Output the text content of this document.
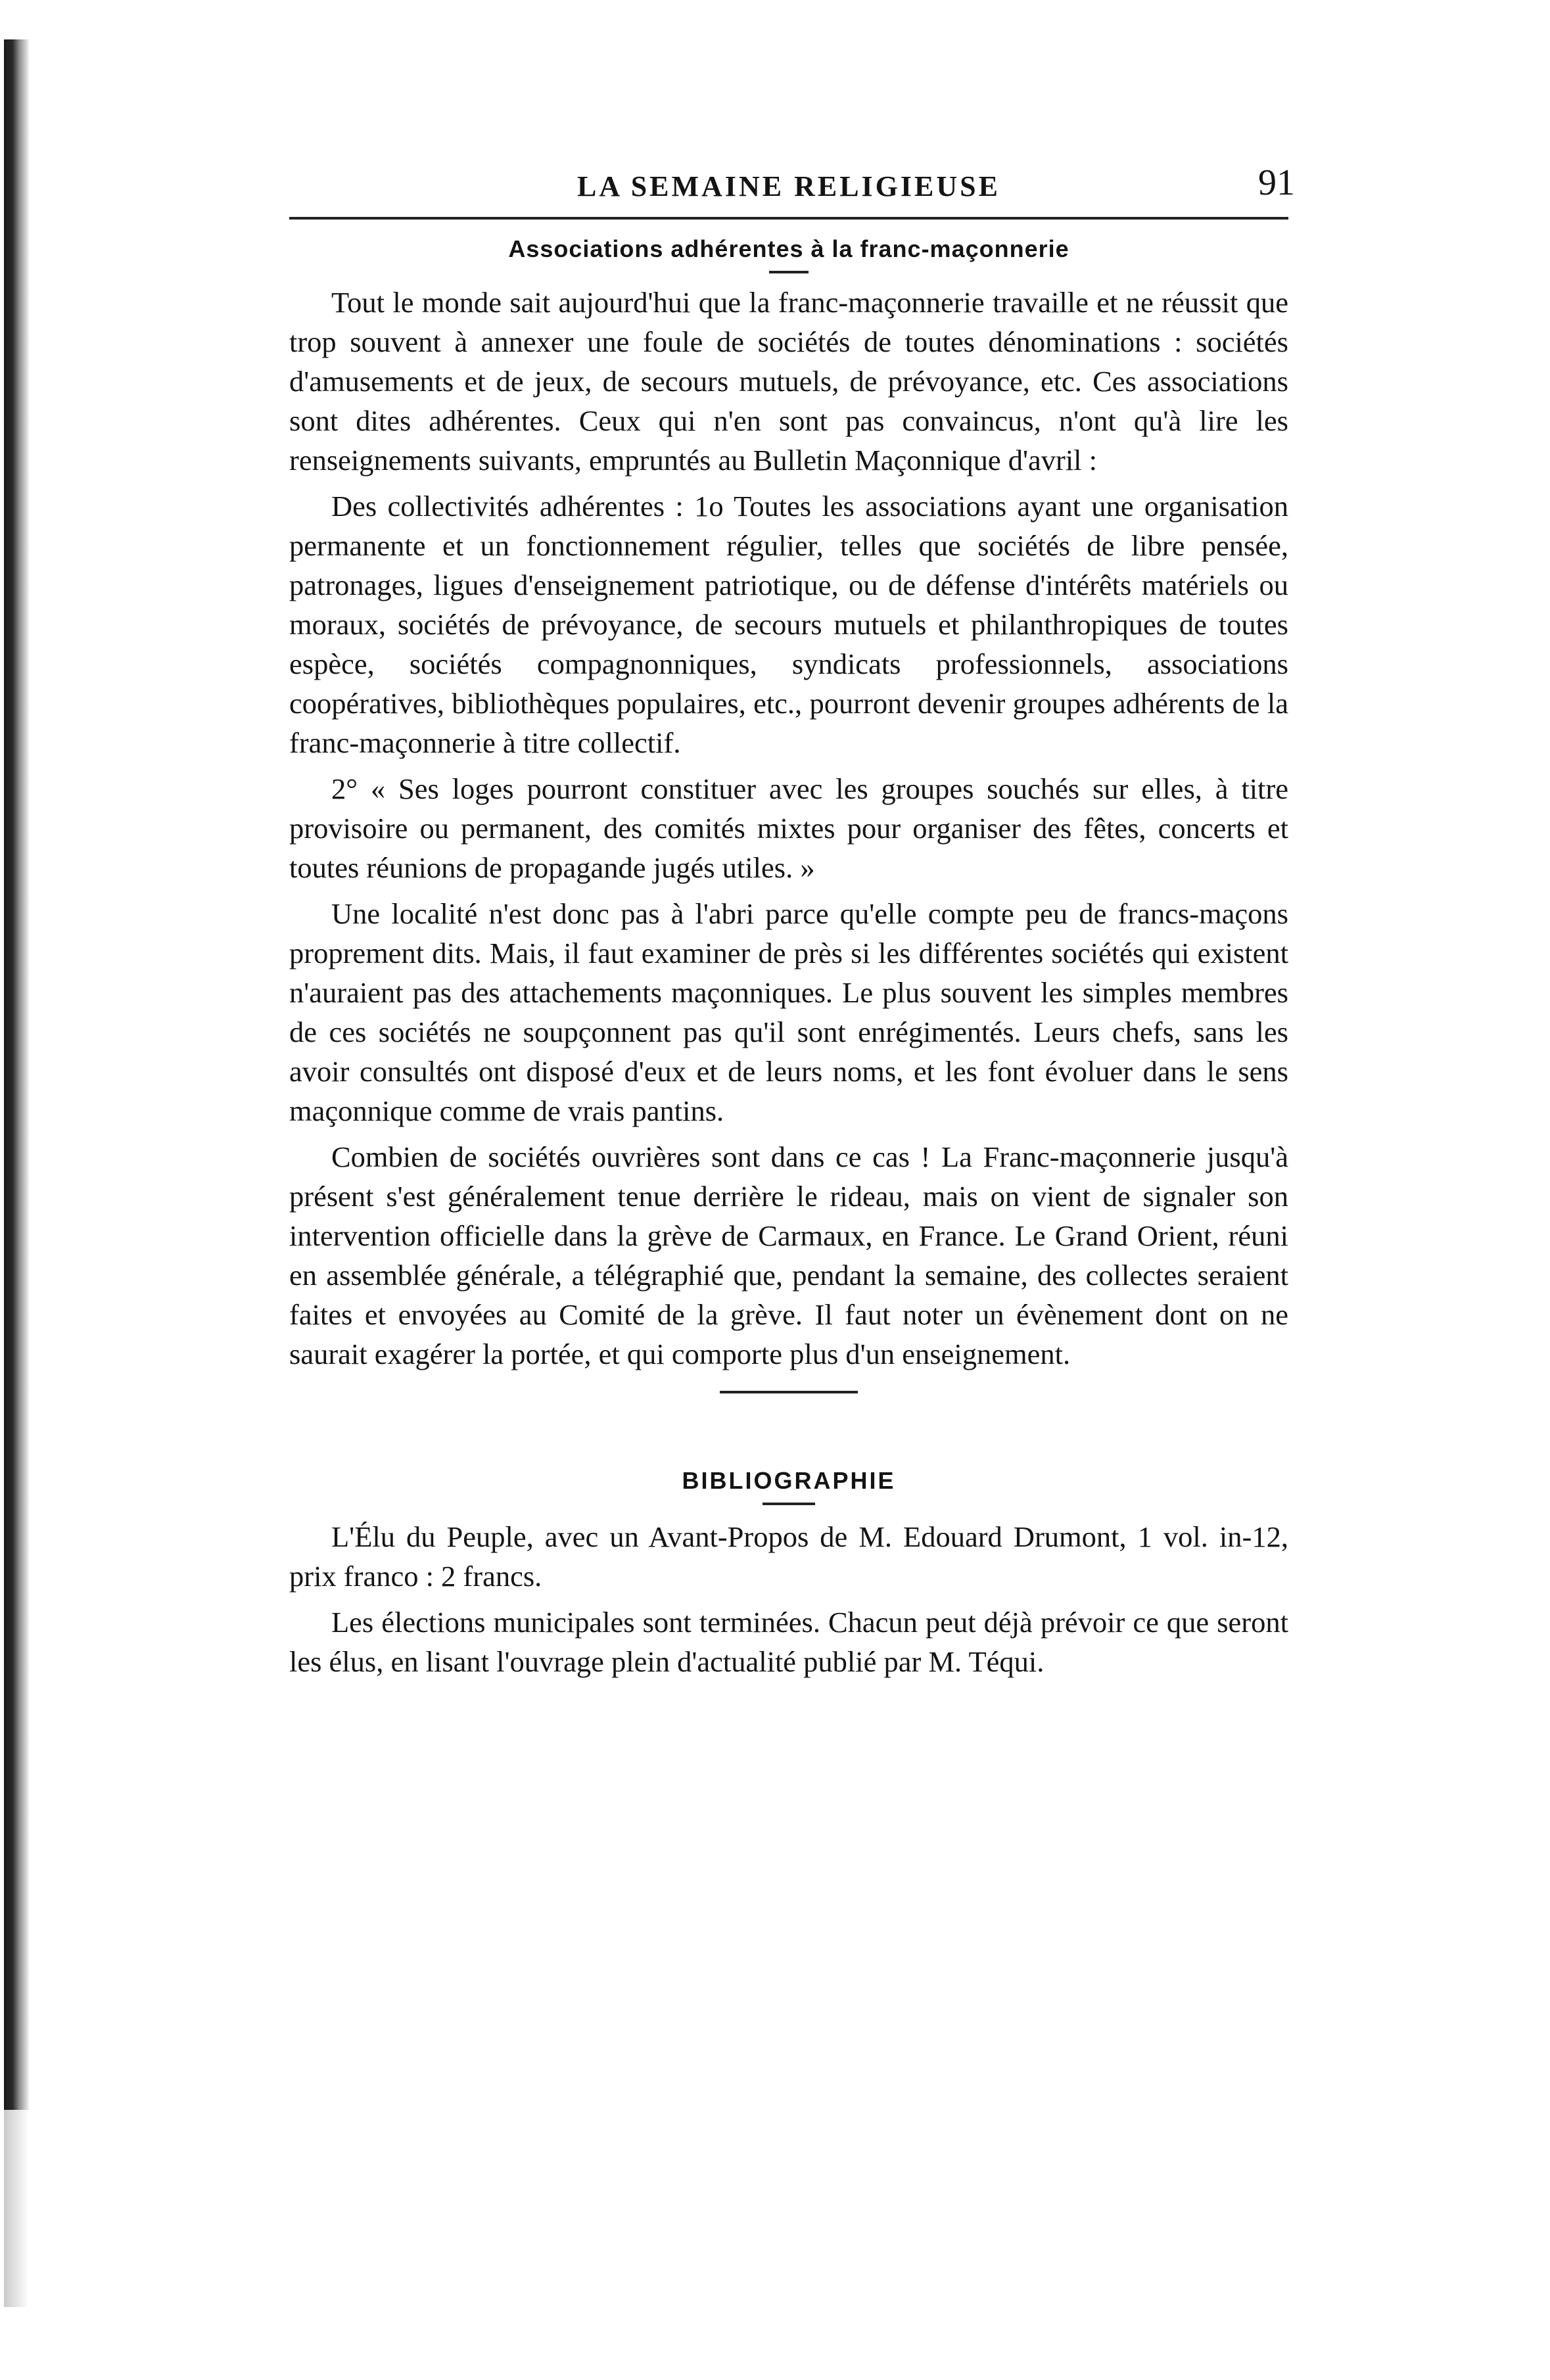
LA SEMAINE RELIGIEUSE	91
Associations adhérentes à la franc-maçonnerie

Tout le monde sait aujourd'hui que la franc-maçonnerie travaille et ne réussit que trop souvent à annexer une foule de sociétés de toutes dénominations : sociétés d'amusements et de jeux, de secours mutuels, de prévoyance, etc. Ces associations sont dites adhérentes. Ceux qui n'en sont pas convaincus, n'ont qu'à lire les renseignements suivants, empruntés au Bulletin Maçonnique d'avril :

Des collectivités adhérentes : 1o Toutes les associations ayant une organisation permanente et un fonctionnement régulier, telles que sociétés de libre pensée, patronages, ligues d'enseignement patriotique, ou de défense d'intérêts matériels ou moraux, sociétés de prévoyance, de secours mutuels et philanthropiques de toutes espèce, sociétés compagnonniques, syndicats professionnels, associations coopératives, bibliothèques populaires, etc., pourront devenir groupes adhérents de la franc-maçonnerie à titre collectif.

2° « Ses loges pourront constituer avec les groupes souchés sur elles, à titre provisoire ou permanent, des comités mixtes pour organiser des fêtes, concerts et toutes réunions de propagande jugés utiles. »

Une localité n'est donc pas à l'abri parce qu'elle compte peu de francs-maçons proprement dits. Mais, il faut examiner de près si les différentes sociétés qui existent n'auraient pas des attachements maçonniques. Le plus souvent les simples membres de ces sociétés ne soupçonnent pas qu'il sont enrégimentés. Leurs chefs, sans les avoir consultés ont disposé d'eux et de leurs noms, et les font évoluer dans le sens maçonnique comme de vrais pantins.

Combien de sociétés ouvrières sont dans ce cas ! La Franc-maçonnerie jusqu'à présent s'est généralement tenue derrière le rideau, mais on vient de signaler son intervention officielle dans la grève de Carmaux, en France. Le Grand Orient, réuni en assemblée générale, a télégraphié que, pendant la semaine, des collectes seraient faites et envoyées au Comité de la grève. Il faut noter un évènement dont on ne saurait exagérer la portée, et qui comporte plus d'un enseignement.

BIBLIOGRAPHIE

L'Élu du Peuple, avec un Avant-Propos de M. Edouard Drumont, 1 vol. in-12, prix franco : 2 francs.

Les élections municipales sont terminées. Chacun peut déjà prévoir ce que seront les élus, en lisant l'ouvrage plein d'actualité publié par M. Téqui.
